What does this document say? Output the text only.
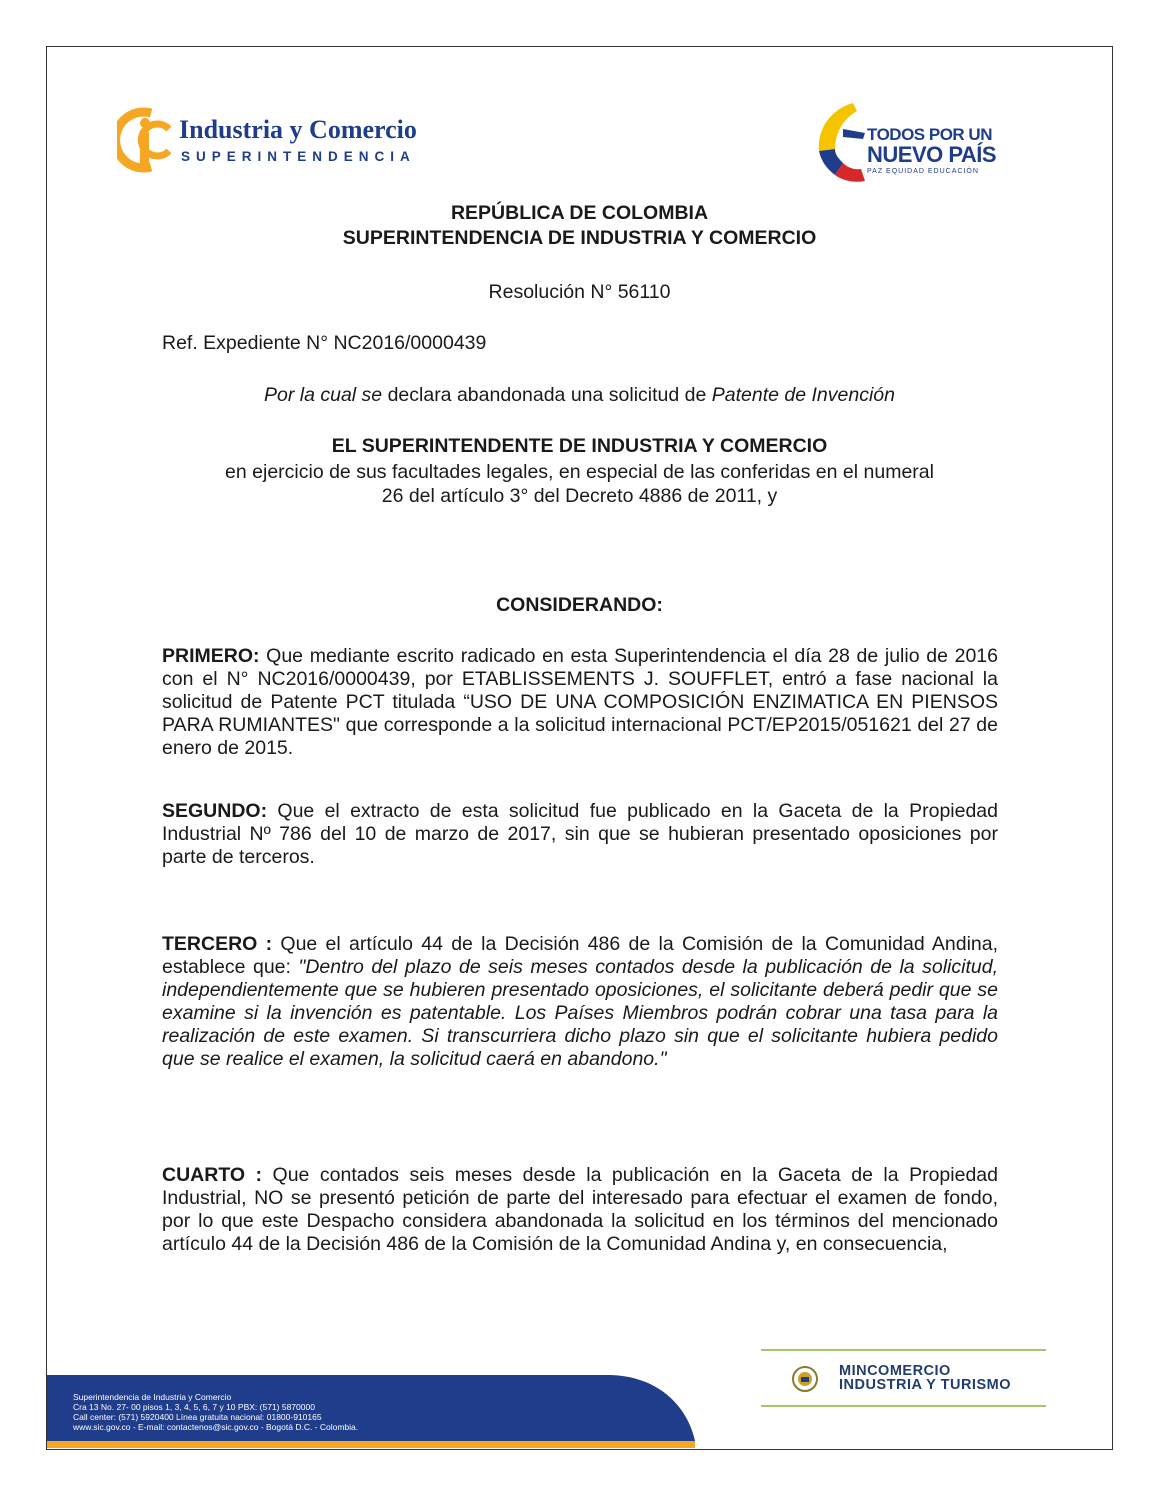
Industria y Comercio
SUPERINTENDENCIA
TODOS POR UN
NUEVO PAÍS
PAZ EQUIDAD EDUCACIÓN
REPÚBLICA DE COLOMBIA
SUPERINTENDENCIA DE INDUSTRIA Y COMERCIO
Resolución N° 56110
Ref. Expediente N° NC2016/0000439
Por la cual se declara abandonada una solicitud de Patente de Invención
EL SUPERINTENDENTE DE INDUSTRIA Y COMERCIO
en ejercicio de sus facultades legales, en especial de las conferidas en el numeral
26 del artículo 3° del Decreto 4886 de 2011, y
CONSIDERANDO:
PRIMERO: Que mediante escrito radicado en esta Superintendencia el día 28 de julio de 2016 con el N° NC2016/0000439, por ETABLISSEMENTS J. SOUFFLET, entró a fase nacional la solicitud de Patente PCT titulada “USO DE UNA COMPOSICIÓN ENZIMATICA EN PIENSOS PARA RUMIANTES" que corresponde a la solicitud internacional PCT/EP2015/051621 del 27 de enero de 2015.
SEGUNDO: Que el extracto de esta solicitud fue publicado en la Gaceta de la Propiedad Industrial Nº 786 del 10 de marzo de 2017, sin que se hubieran presentado oposiciones por parte de terceros.
TERCERO : Que el artículo 44 de la Decisión 486 de la Comisión de la Comunidad Andina, establece que: "Dentro del plazo de seis meses contados desde la publicación de la solicitud, independientemente que se hubieren presentado oposiciones, el solicitante deberá pedir que se examine si la invención es patentable. Los Países Miembros podrán cobrar una tasa para la realización de este examen. Si transcurriera dicho plazo sin que el solicitante hubiera pedido que se realice el examen, la solicitud caerá en abandono."
CUARTO : Que contados seis meses desde la publicación en la Gaceta de la Propiedad Industrial, NO se presentó petición de parte del interesado para efectuar el examen de fondo, por lo que este Despacho considera abandonada la solicitud en los términos del mencionado artículo 44 de la Decisión 486 de la Comisión de la Comunidad Andina y, en consecuencia,
Superintendencia de Industria y Comercio
Cra 13 No. 27- 00 pisos 1, 3, 4, 5, 6, 7 y 10 PBX: (571) 5870000
Call center: (571) 5920400 Línea gratuita nacional: 01800-910165
www.sic.gov.co - E-mail: contactenos@sic.gov.co - Bogotá D.C. - Colombia.
MINCOMERCIO
INDUSTRIA Y TURISMO
